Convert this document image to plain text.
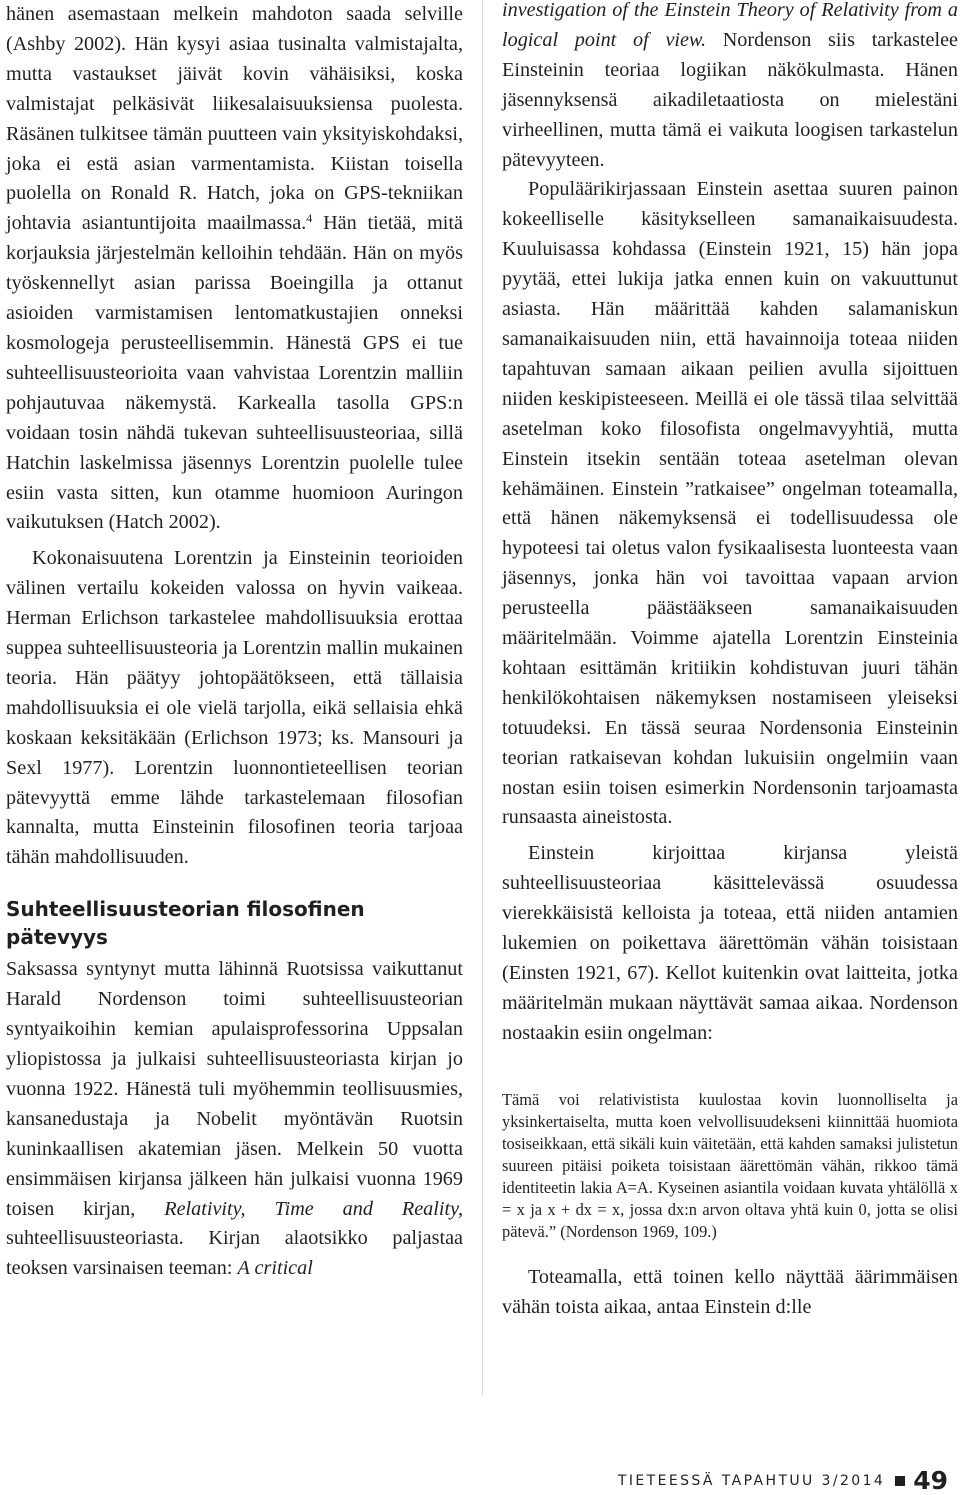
hänen asemastaan melkein mahdoton saada selville (Ashby 2002). Hän kysyi asiaa tusinalta valmistajalta, mutta vastaukset jäivät kovin vähäisiksi, koska valmistajat pelkäsivät liikesalaisuuksiensa puolesta. Räsänen tulkitsee tämän puutteen vain yksityiskohdaksi, joka ei estä asian varmentamista. Kiistan toisella puolella on Ronald R. Hatch, joka on GPS-tekniikan johtavia asiantuntijoita maailmassa.$^4$ Hän tietää, mitä korjauksia järjestelmän kelloihin tehdään. Hän on myös työskennellyt asian parissa Boeingilla ja ottanut asioiden varmistamisen lentomatkustajien onneksi kosmologeja perusteellisemmin. Hänestä GPS ei tue suhteellisuusteorioita vaan vahvistaa Lorentzin malliin pohjautuvaa näkemystä. Karkealla tasolla GPS:n voidaan tosin nähdä tukevan suhteellisuusteoriaa, sillä Hatchin laskelmissa jäsennys Lorentzin puolelle tulee esiin vasta sitten, kun otamme huomioon Auringon vaikutuksen (Hatch 2002).

Kokonaisuutena Lorentzin ja Einsteinin teorioiden välinen vertailu kokeiden valossa on hyvin vaikeaa. Herman Erlichson tarkastelee mahdollisuuksia erottaa suppea suhteellisuusteoria ja Lorentzin mallin mukainen teoria. Hän päätyy johtopäätökseen, että tällaisia mahdollisuuksia ei ole vielä tarjolla, eikä sellaisia ehkä koskaan keksitäkään (Erlichson 1973; ks. Mansouri ja Sexl 1977). Lorentzin luonnontieteellisen teorian pätevyyttä emme lähde tarkastelemaan filosofian kannalta, mutta Einsteinin filosofinen teoria tarjoaa tähän mahdollisuuden.

Suhteellisuusteorian filosofinen pätevyys

Saksassa syntynyt mutta lähinnä Ruotsissa vaikuttanut Harald Nordenson toimi suhteellisuusteorian syntyaikoihin kemian apulaisprofessorina Uppsalan yliopistossa ja julkaisi suhteellisuusteoriasta kirjan jo vuonna 1922. Hänestä tuli myöhemmin teollisuusmies, kansanedustaja ja Nobelit myöntävän Ruotsin kuninkaallisen akatemian jäsen. Melkein 50 vuotta ensimmäisen kirjansa jälkeen hän julkaisi vuonna 1969 toisen kirjan, Relativity, Time and Reality, suhteellisuusteoriasta. Kirjan alaotsikko paljastaa teoksen varsinaisen teeman: A critical

investigation of the Einstein Theory of Relativity from a logical point of view. Nordenson siis tarkastelee Einsteinin teoriaa logiikan näkökulmasta. Hänen jäsennyksensä aikadiletaatiosta on mielestäni virheellinen, mutta tämä ei vaikuta loogisen tarkastelun pätevyyteen.

Populäärikirjassaan Einstein asettaa suuren painon kokeelliselle käsitykselleen samanaikaisuudesta. Kuuluisassa kohdassa (Einstein 1921, 15) hän jopa pyytää, ettei lukija jatka ennen kuin on vakuuttunut asiasta. Hän määrittää kahden salamaniskun samanaikaisuuden niin, että havainnoija toteaa niiden tapahtuvan samaan aikaan peilien avulla sijoittuen niiden keskipisteeseen. Meillä ei ole tässä tilaa selvittää asetelman koko filosofista ongelmavyyhtiä, mutta Einstein itsekin sentään toteaa asetelman olevan kehämäinen. Einstein ”ratkaisee” ongelman toteamalla, että hänen näkemyksensä ei todellisuudessa ole hypoteesi tai oletus valon fysikaalisesta luonteesta vaan jäsennys, jonka hän voi tavoittaa vapaan arvion perusteella päästääkseen samanaikaisuuden määritelmään. Voimme ajatella Lorentzin Einsteinia kohtaan esittämän kritiikin kohdistuvan juuri tähän henkilökohtaisen näkemyksen nostamiseen yleiseksi totuudeksi. En tässä seuraa Nordensonia Einsteinin teorian ratkaisevan kohdan lukuisiin ongelmiin vaan nostan esiin toisen esimerkin Nordensonin tarjoamasta runsaasta aineistosta.

Einstein kirjoittaa kirjansa yleistä suhteellisuusteoriaa käsittelevässä osuudessa vierekkäisistä kelloista ja toteaa, että niiden antamien lukemien on poikettava äärettömän vähän toisistaan (Einsten 1921, 67). Kellot kuitenkin ovat laitteita, jotka määritelmän mukaan näyttävät samaa aikaa. Nordenson nostaakin esiin ongelman:

Tämä voi relativistista kuulostaa kovin luonnolliselta ja yksinkertaiselta, mutta koen velvollisuudekseni kiinnittää huomiota tosiseikkaan, että sikäli kuin väitetään, että kahden samaksi julistetun suureen pitäisi poiketa toisistaan äärettömän vähän, rikkoo tämä identiteetin lakia A=A. Kyseinen asiantila voidaan kuvata yhtälöllä x = x ja x + dx = x, jossa dx:n arvon oltava yhtä kuin 0, jotta se olisi pätevä.” (Nordenson 1969, 109.)

Toteamalla, että toinen kello näyttää äärimmäisen vähän toista aikaa, antaa Einstein d:lle

TIETEESSÄ TAPAHTUU 3/2014 49
